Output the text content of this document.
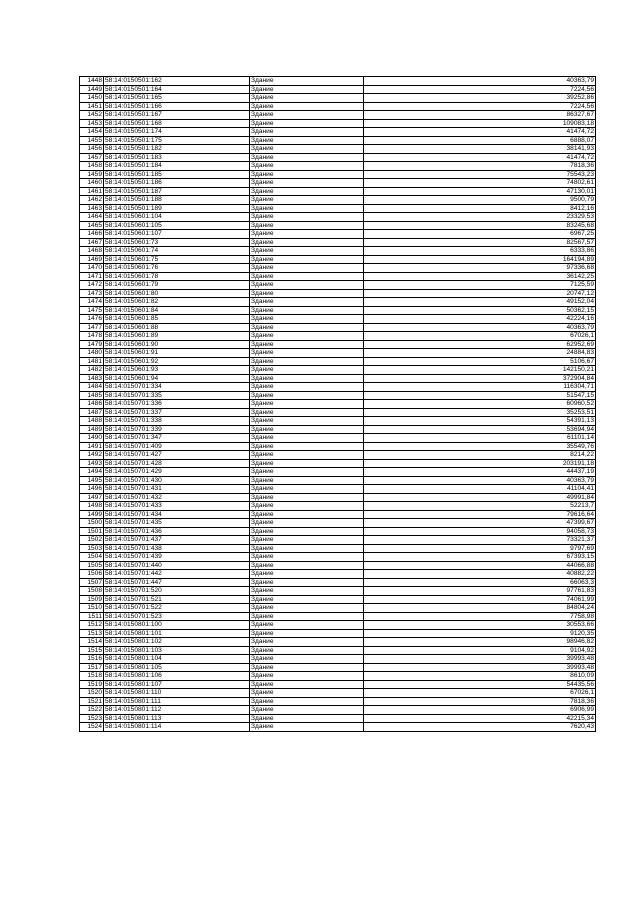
1448	58:14:0150501:162	Здание	40363,79
1449	58:14:0150501:164	Здание	7224,56
1450	58:14:0150501:165	Здание	39252,86
1451	58:14:0150501:166	Здание	7224,56
1452	58:14:0150501:167	Здание	86327,67
1453	58:14:0150501:168	Здание	109083,18
1454	58:14:0150501:174	Здание	41474,72
1455	58:14:0150501:175	Здание	6888,07
1456	58:14:0150501:182	Здание	38141,93
1457	58:14:0150501:183	Здание	41474,72
1458	58:14:0150501:184	Здание	7818,36
1459	58:14:0150501:185	Здание	75543,23
1460	58:14:0150501:186	Здание	74802,61
1461	58:14:0150501:187	Здание	47130,01
1462	58:14:0150501:188	Здание	9500,79
1463	58:14:0150501:189	Здание	8412,16
1464	58:14:0150601:104	Здание	23329,53
1465	58:14:0150601:105	Здание	83245,68
1466	58:14:0150601:107	Здание	6967,25
1467	58:14:0150601:73	Здание	82567,57
1468	58:14:0150601:74	Здание	6333,86
1469	58:14:0150601:75	Здание	164194,89
1470	58:14:0150601:76	Здание	97336,68
1471	58:14:0150601:78	Здание	36142,25
1472	58:14:0150601:79	Здание	7125,59
1473	58:14:0150601:80	Здание	20747,12
1474	58:14:0150601:82	Здание	49152,04
1475	58:14:0150601:84	Здание	50362,15
1476	58:14:0150601:85	Здание	42224,16
1477	58:14:0150601:88	Здание	40363,79
1478	58:14:0150601:89	Здание	67026,1
1479	58:14:0150601:90	Здание	62952,69
1480	58:14:0150601:91	Здание	24884,83
1481	58:14:0150601:92	Здание	5106,67
1482	58:14:0150601:93	Здание	142150,21
1483	58:14:0150601:94	Здание	372904,84
1484	58:14:0150701:334	Здание	116304,71
1485	58:14:0150701:335	Здание	51547,15
1486	58:14:0150701:336	Здание	60960,52
1487	58:14:0150701:337	Здание	35253,51
1488	58:14:0150701:338	Здание	54391,13
1489	58:14:0150701:339	Здание	53694,94
1490	58:14:0150701:347	Здание	61101,14
1491	58:14:0150701:409	Здание	35549,76
1492	58:14:0150701:427	Здание	8214,22
1493	58:14:0150701:428	Здание	203191,18
1494	58:14:0150701:429	Здание	44437,19
1495	58:14:0150701:430	Здание	40363,79
1496	58:14:0150701:431	Здание	41104,41
1497	58:14:0150701:432	Здание	49991,84
1498	58:14:0150701:433	Здание	52213,7
1499	58:14:0150701:434	Здание	79616,64
1500	58:14:0150701:435	Здание	47399,67
1501	58:14:0150701:436	Здание	94058,73
1502	58:14:0150701:437	Здание	73321,37
1503	58:14:0150701:438	Здание	9797,69
1504	58:14:0150701:439	Здание	67393,15
1505	58:14:0150701:440	Здание	44066,88
1506	58:14:0150701:442	Здание	40882,22
1507	58:14:0150701:447	Здание	66063,3
1508	58:14:0150701:520	Здание	97761,83
1509	58:14:0150701:521	Здание	74061,99
1510	58:14:0150701:522	Здание	84804,24
1511	58:14:0150701:523	Здание	7758,98
1512	58:14:0150801:100	Здание	30553,66
1513	58:14:0150801:101	Здание	9120,35
1514	58:14:0150801:102	Здание	98946,82
1515	58:14:0150801:103	Здание	9104,92
1516	58:14:0150801:104	Здание	39993,48
1517	58:14:0150801:105	Здание	39993,48
1518	58:14:0150801:106	Здание	8610,09
1519	58:14:0150801:107	Здание	54435,56
1520	58:14:0150801:110	Здание	67026,1
1521	58:14:0150801:111	Здание	7818,36
1522	58:14:0150801:112	Здание	6906,99
1523	58:14:0150801:113	Здание	42215,34
1524	58:14:0150801:114	Здание	7620,43
